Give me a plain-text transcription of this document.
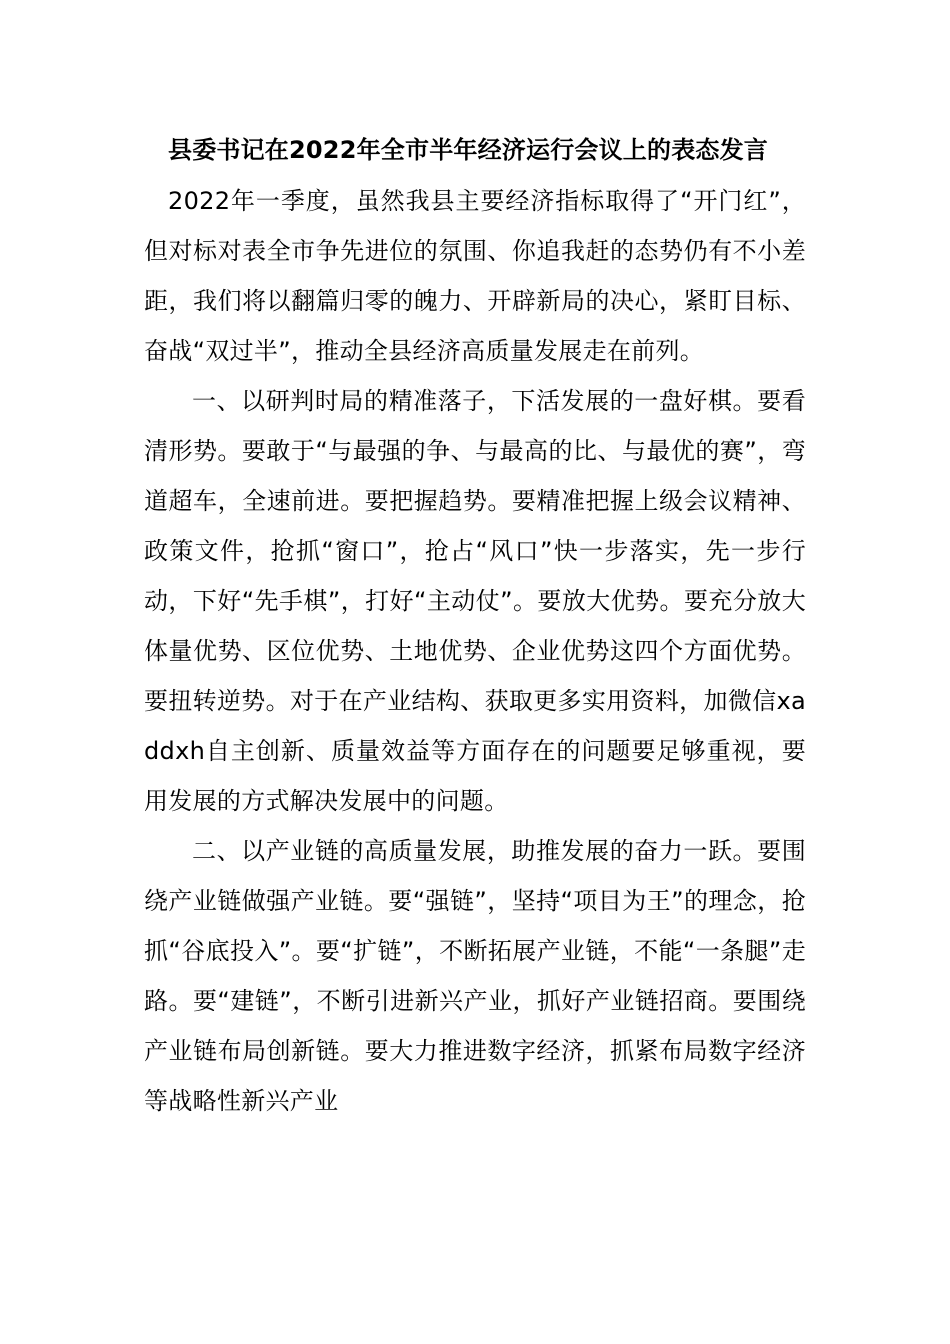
县委书记在2022年全市半年经济运行会议上的表态发言

2022年一季度，虽然我县主要经济指标取得了“开门红”，但对标对表全市争先进位的氛围、你追我赶的态势仍有不小差距，我们将以翻篇归零的魄力、开辟新局的决心，紧盯目标、奋战“双过半”，推动全县经济高质量发展走在前列。

一、以研判时局的精准落子，下活发展的一盘好棋。要看清形势。要敢于“与最强的争、与最高的比、与最优的赛”，弯道超车，全速前进。要把握趋势。要精准把握上级会议精神、政策文件，抢抓“窗口”，抢占“风口”快一步落实，先一步行动，下好“先手棋”，打好“主动仗”。要放大优势。要充分放大体量优势、区位优势、土地优势、企业优势这四个方面优势。要扭转逆势。对于在产业结构、获取更多实用资料，加微信xaddxh自主创新、质量效益等方面存在的问题要足够重视，要用发展的方式解决发展中的问题。

二、以产业链的高质量发展，助推发展的奋力一跃。要围绕产业链做强产业链。要“强链”，坚持“项目为王”的理念，抢抓“谷底投入”。要“扩链”，不断拓展产业链，不能“一条腿”走路。要“建链”，不断引进新兴产业，抓好产业链招商。要围绕产业链布局创新链。要大力推进数字经济，抓紧布局数字经济等战略性新兴产业
